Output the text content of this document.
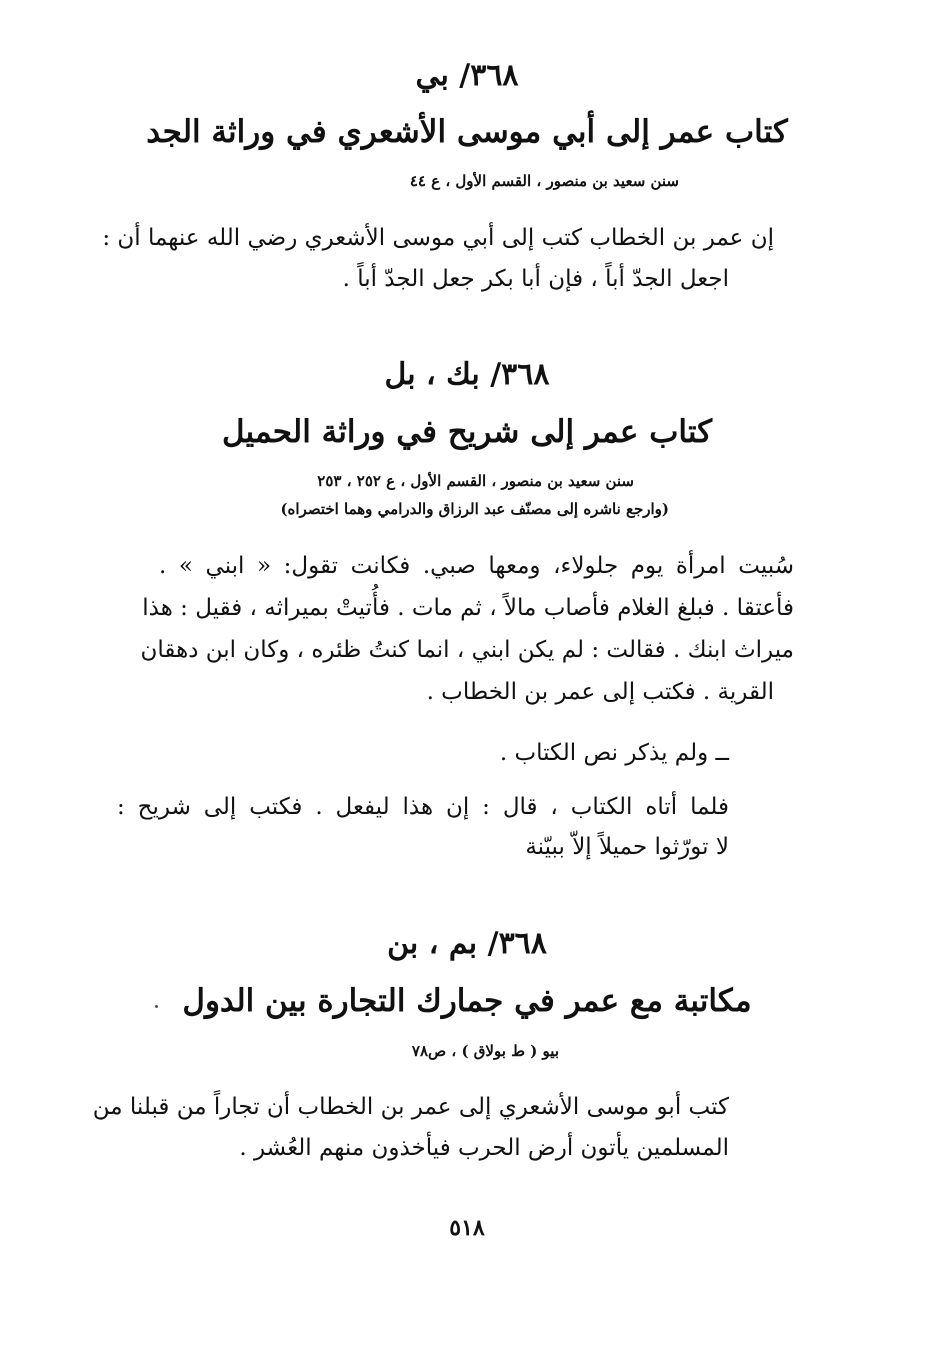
٣٦٨/ بي
كتاب عمر إلى أبي موسى الأشعري في وراثة الجد
سنن سعيد بن منصور ، القسم الأول ، ع ٤٤
إن عمر بن الخطاب كتب إلى أبي موسى الأشعري رضي الله عنهما أن :
اجعل الجدّ أباً ، فإن أبا بكر جعل الجدّ أباً .
٣٦٨/ بك ، بل
كتاب عمر إلى شريح في وراثة الحميل
سنن سعيد بن منصور ، القسم الأول ، ع ٢٥٢ ، ٢٥٣
(وارجع ناشره إلى مصنّف عبد الرزاق والدرامي وهما اختصراه)
سُبيت امرأة يوم جلولاء، ومعها صبي. فكانت تقول: « ابني » .
فأعتقا . فبلغ الغلام فأصاب مالاً ، ثم مات . فأُتيتْ بميراثه ، فقيل : هذا
ميراث ابنك . فقالت : لم يكن ابني ، انما كنتُ ظئره ، وكان ابن دهقان
القرية . فكتب إلى عمر بن الخطاب .
ــ ولم يذكر نص الكتاب .
فلما أتاه الكتاب ، قال : إن هذا ليفعل . فكتب إلى شريح :
لا تورّثوا حميلاً إلاّ ببيّنة
٣٦٨/ بم ، بن
مكاتبة مع عمر في جمارك التجارة بين الدول
بيو ( ط بولاق ) ، ص٧٨
كتب أبو موسى الأشعري إلى عمر بن الخطاب أن تجاراً من قبلنا من
المسلمين يأتون أرض الحرب فيأخذون منهم العُشر .
٥١٨
